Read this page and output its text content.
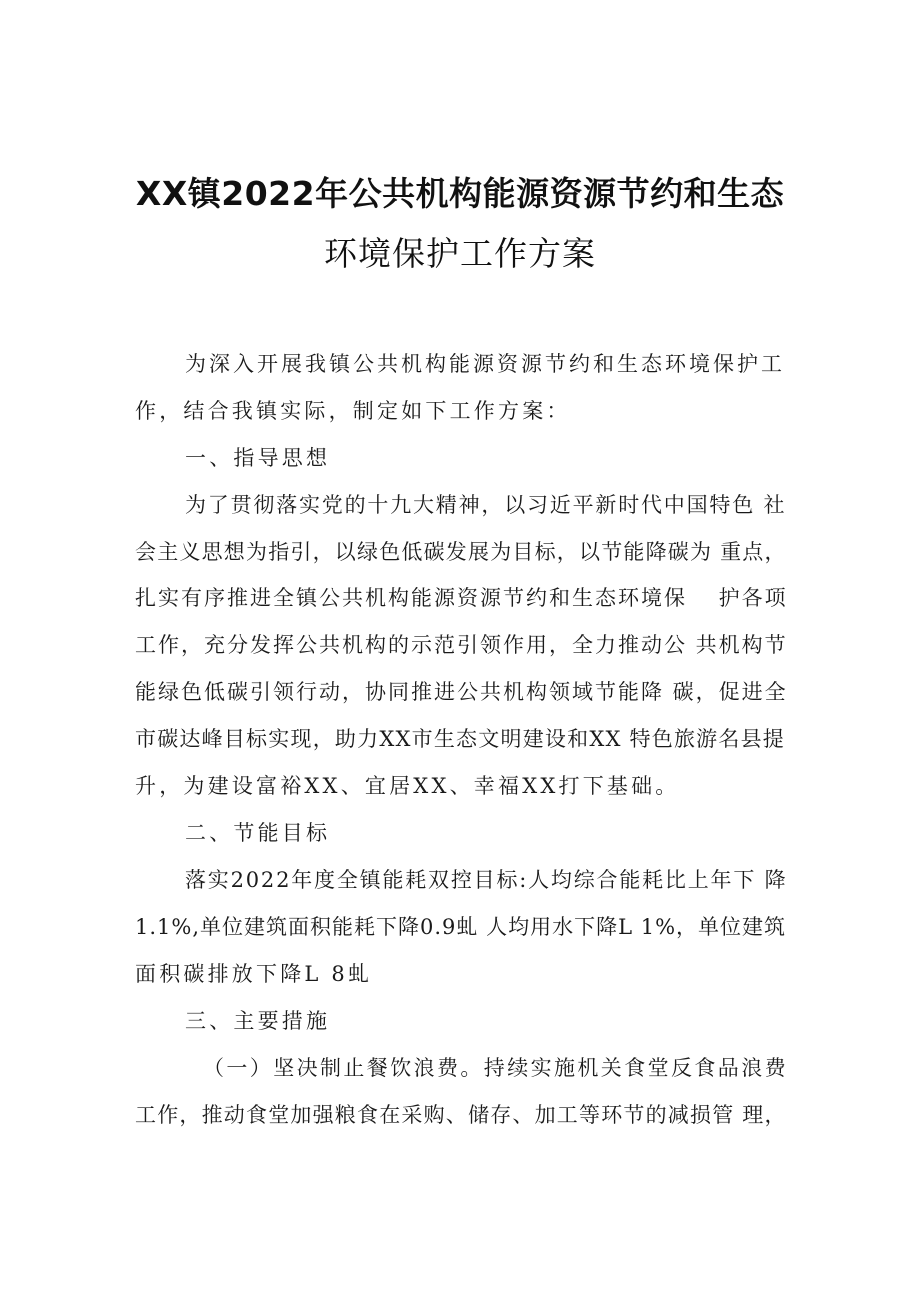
XX镇2022年公共机构能源资源节约和生态
环境保护工作方案
为深入开展我镇公共机构能源资源节约和生态环境保护工
作，结合我镇实际，制定如下工作方案：
一、指导思想
为了贯彻落实党的十九大精神，以习近平新时代中国特色 社
会主义思想为指引，以绿色低碳发展为目标，以节能降碳为 重点，
扎实有序推进全镇公共机构能源资源节约和生态环境保　 护各项
工作，充分发挥公共机构的示范引领作用，全力推动公 共机构节
能绿色低碳引领行动，协同推进公共机构领域节能降 碳，促进全
市碳达峰目标实现，助力XX市生态文明建设和XX 特色旅游名县提
升，为建设富裕XX、宜居XX、幸福XX打下基础。
二、节能目标
落实2022年度全镇能耗双控目标:人均综合能耗比上年下 降
1.1%,单位建筑面积能耗下降0.9虬 人均用水下降L 1%，单位建筑
面积碳排放下降L 8虬
三、主要措施
（一）坚决制止餐饮浪费。持续实施机关食堂反食品浪费
工作，推动食堂加强粮食在采购、储存、加工等环节的减损管 理，
